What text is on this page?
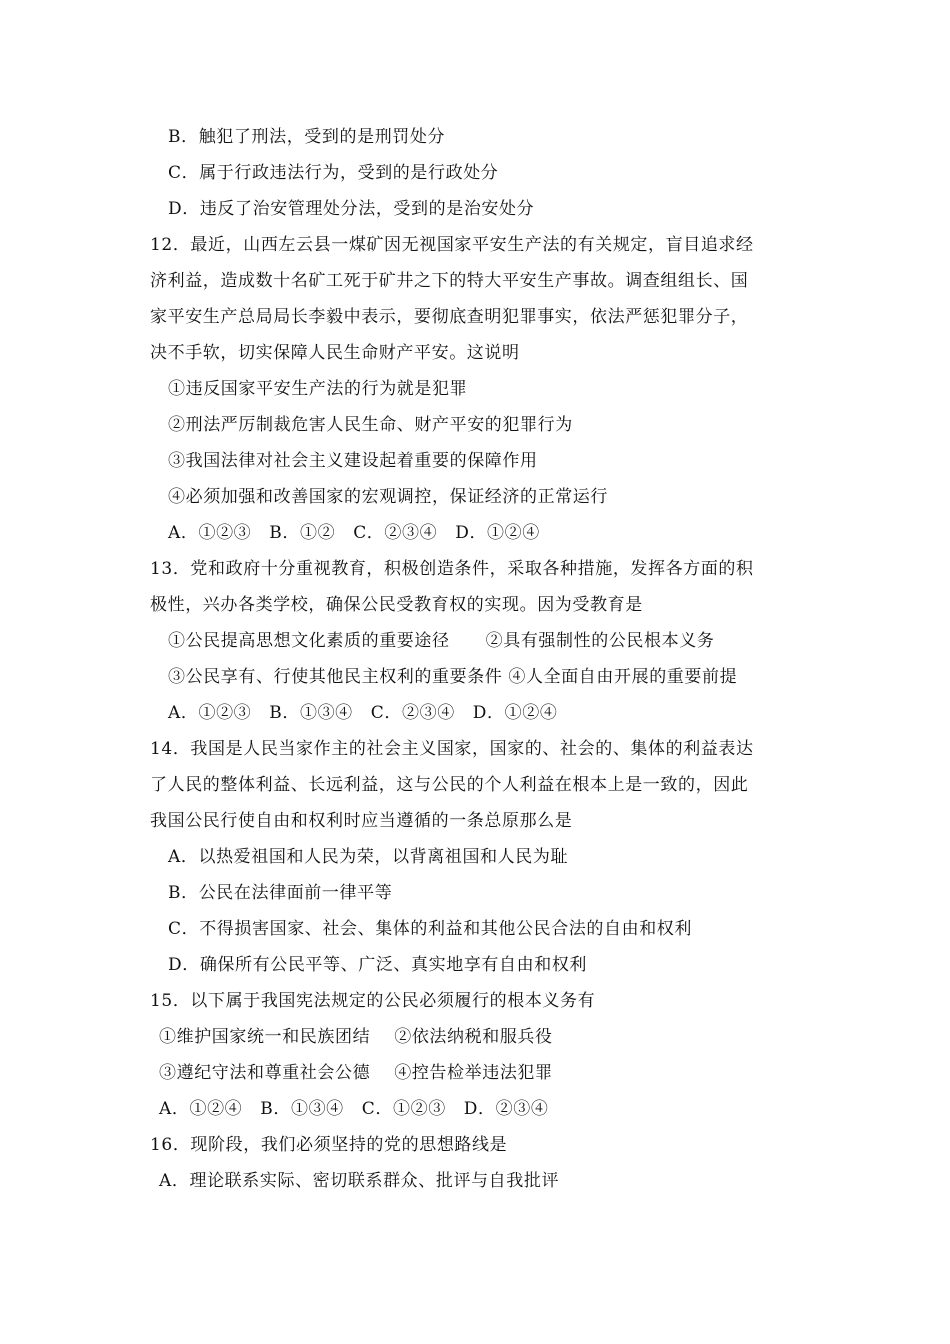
B．触犯了刑法，受到的是刑罚处分
C．属于行政违法行为，受到的是行政处分
D．违反了治安管理处分法，受到的是治安处分
12．最近，山西左云县一煤矿因无视国家平安生产法的有关规定，盲目追求经
济利益，造成数十名矿工死于矿井之下的特大平安生产事故。调查组组长、国
家平安生产总局局长李毅中表示，要彻底查明犯罪事实，依法严惩犯罪分子，
决不手软，切实保障人民生命财产平安。这说明
①违反国家平安生产法的行为就是犯罪
②刑法严厉制裁危害人民生命、财产平安的犯罪行为
③我国法律对社会主义建设起着重要的保障作用
④必须加强和改善国家的宏观调控，保证经济的正常运行
A．①②③   B．①②   C．②③④   D．①②④
13．党和政府十分重视教育，积极创造条件，采取各种措施，发挥各方面的积
极性，兴办各类学校，确保公民受教育权的实现。因为受教育是
①公民提高思想文化素质的重要途径      ②具有强制性的公民根本义务
③公民享有、行使其他民主权利的重要条件 ④人全面自由开展的重要前提
A．①②③   B．①③④   C．②③④   D．①②④
14．我国是人民当家作主的社会主义国家，国家的、社会的、集体的利益表达
了人民的整体利益、长远利益，这与公民的个人利益在根本上是一致的，因此
我国公民行使自由和权利时应当遵循的一条总原那么是
A．以热爱祖国和人民为荣，以背离祖国和人民为耻
B．公民在法律面前一律平等
C．不得损害国家、社会、集体的利益和其他公民合法的自由和权利
D．确保所有公民平等、广泛、真实地享有自由和权利
15．以下属于我国宪法规定的公民必须履行的根本义务有
①维护国家统一和民族团结    ②依法纳税和服兵役
③遵纪守法和尊重社会公德    ④控告检举违法犯罪
A．①②④   B．①③④   C．①②③   D．②③④
16．现阶段，我们必须坚持的党的思想路线是
A．理论联系实际、密切联系群众、批评与自我批评
